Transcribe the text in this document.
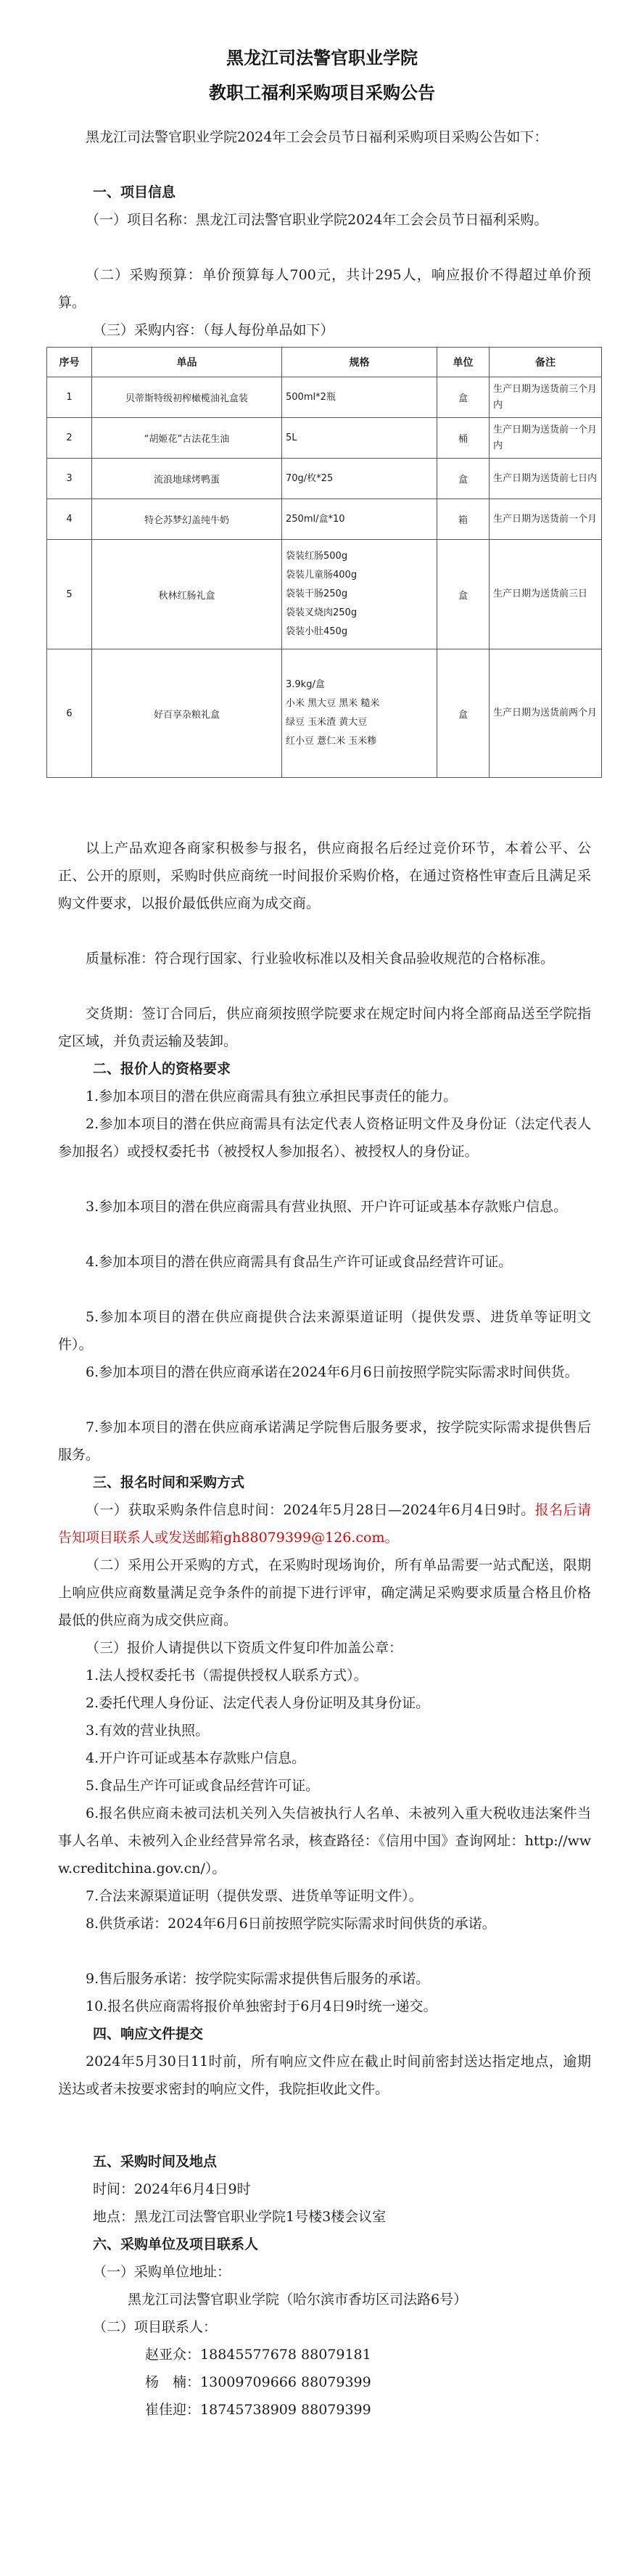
黑龙江司法警官职业学院
教职工福利采购项目采购公告
黑龙江司法警官职业学院2024年工会会员节日福利采购项目采购公告如下：
一、项目信息
（一）项目名称：黑龙江司法警官职业学院2024年工会会员节日福利采购。
（二）采购预算：单价预算每人700元，共计295人，响应报价不得超过单价预算。
（三）采购内容：（每人每份单品如下）
序号	单品	规格	单位	备注
1	贝蒂斯特级初榨橄榄油礼盒装	500ml*2瓶	盒	生产日期为送货前三个月内
2	“胡姬花”古法花生油	5L	桶	生产日期为送货前一个月内
3	流浪地球烤鸭蛋	70g/枚*25	盒	生产日期为送货前七日内
4	特仑苏梦幻盖纯牛奶	250ml/盒*10	箱	生产日期为送货前一个月
5	秋林红肠礼盒	袋装红肠500g
袋装儿童肠400g
袋装干肠250g
袋装叉烧肉250g
袋装小肚450g	盒	生产日期为送货前三日
6	好百享杂粮礼盒	3.9kg/盒
小米 黑大豆 黑米 糙米
绿豆 玉米渣 黄大豆
红小豆 薏仁米 玉米糁	盒	生产日期为送货前两个月
以上产品欢迎各商家积极参与报名，供应商报名后经过竞价环节，本着公平、公正、公开的原则，采购时供应商统一时间报价采购价格，在通过资格性审查后且满足采购文件要求，以报价最低供应商为成交商。
质量标准：符合现行国家、行业验收标准以及相关食品验收规范的合格标准。
交货期：签订合同后，供应商须按照学院要求在规定时间内将全部商品送至学院指定区域，并负责运输及装卸。
二、报价人的资格要求
1.参加本项目的潜在供应商需具有独立承担民事责任的能力。
2.参加本项目的潜在供应商需具有法定代表人资格证明文件及身份证（法定代表人参加报名）或授权委托书（被授权人参加报名）、被授权人的身份证。
3.参加本项目的潜在供应商需具有营业执照、开户许可证或基本存款账户信息。
4.参加本项目的潜在供应商需具有食品生产许可证或食品经营许可证。
5.参加本项目的潜在供应商提供合法来源渠道证明（提供发票、进货单等证明文件）。
6.参加本项目的潜在供应商承诺在2024年6月6日前按照学院实际需求时间供货。
7.参加本项目的潜在供应商承诺满足学院售后服务要求，按学院实际需求提供售后服务。
三、报名时间和采购方式
（一）获取采购条件信息时间：2024年5月28日—2024年6月4日9时。报名后请告知项目联系人或发送邮箱gh88079399@126.com。
（二）采用公开采购的方式，在采购时现场询价，所有单品需要一站式配送，限期上响应供应商数量满足竞争条件的前提下进行评审，确定满足采购要求质量合格且价格最低的供应商为成交供应商。
（三）报价人请提供以下资质文件复印件加盖公章：
1.法人授权委托书（需提供授权人联系方式）。
2.委托代理人身份证、法定代表人身份证明及其身份证。
3.有效的营业执照。
4.开户许可证或基本存款账户信息。
5.食品生产许可证或食品经营许可证。
6.报名供应商未被司法机关列入失信被执行人名单、未被列入重大税收违法案件当事人名单、未被列入企业经营异常名录，核查路径：《信用中国》查询网址：http://www.creditchina.gov.cn/）。
7.合法来源渠道证明（提供发票、进货单等证明文件）。
8.供货承诺：2024年6月6日前按照学院实际需求时间供货的承诺。
9.售后服务承诺：按学院实际需求提供售后服务的承诺。
10.报名供应商需将报价单独密封于6月4日9时统一递交。
四、响应文件提交
2024年5月30日11时前，所有响应文件应在截止时间前密封送达指定地点，逾期送达或者未按要求密封的响应文件，我院拒收此文件。
五、采购时间及地点
时间：2024年6月4日9时
地点：黑龙江司法警官职业学院1号楼3楼会议室
六、采购单位及项目联系人
（一）采购单位地址：
黑龙江司法警官职业学院（哈尔滨市香坊区司法路6号）
（二）项目联系人：
赵亚众：18845577678 88079181
杨　楠：13009709666 88079399
崔佳迎：18745738909 88079399
